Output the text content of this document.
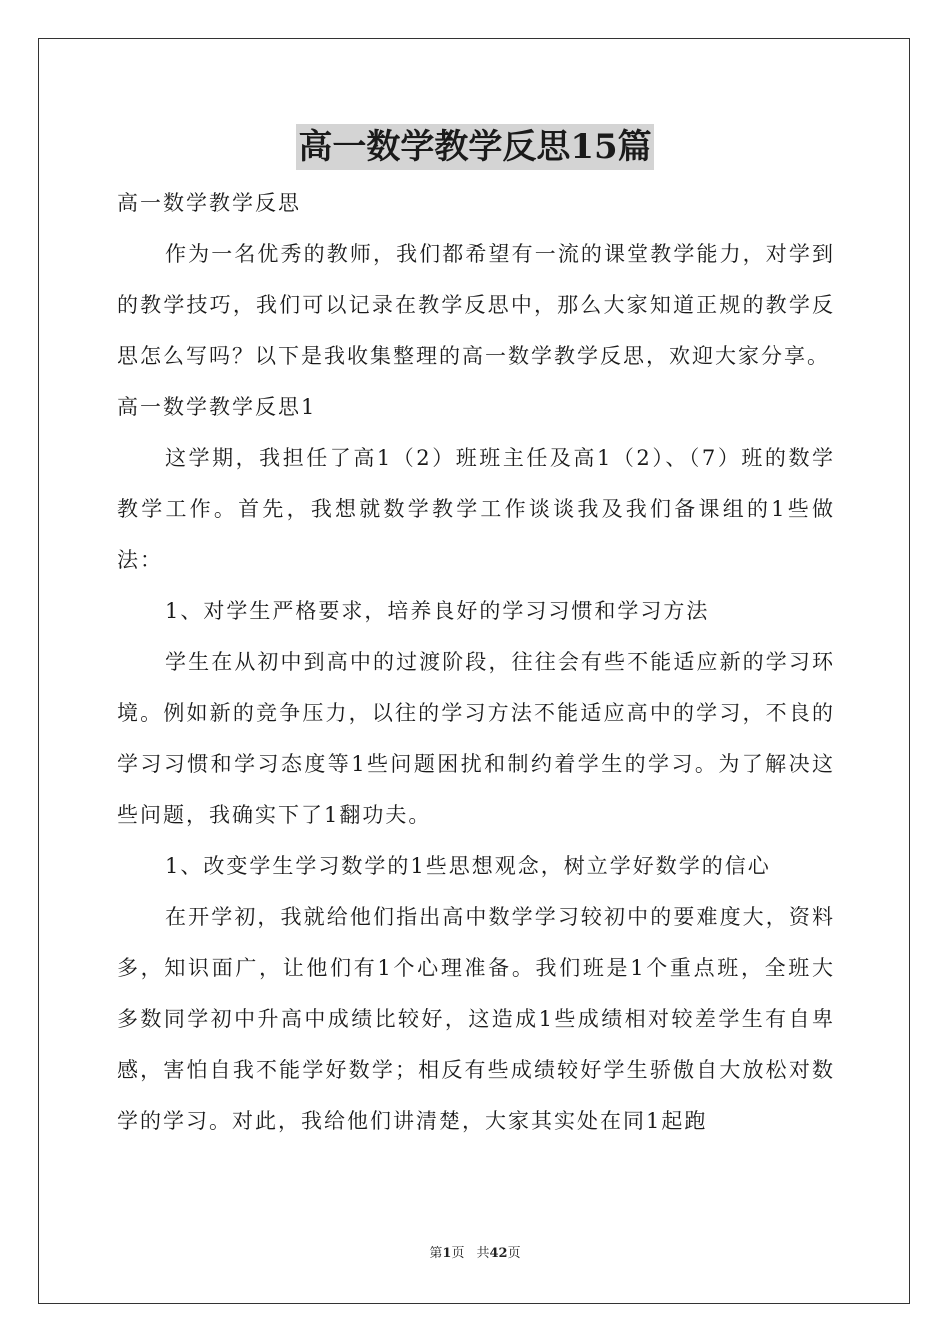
高一数学教学反思15篇

高一数学教学反思

作为一名优秀的教师，我们都希望有一流的课堂教学能力，对学到的教学技巧，我们可以记录在教学反思中，那么大家知道正规的教学反思怎么写吗？以下是我收集整理的高一数学教学反思，欢迎大家分享。

高一数学教学反思1

这学期，我担任了高1（2）班班主任及高1（2）、（7）班的数学教学工作。首先，我想就数学教学工作谈谈我及我们备课组的1些做法：

1、对学生严格要求，培养良好的学习习惯和学习方法

学生在从初中到高中的过渡阶段，往往会有些不能适应新的学习环境。例如新的竞争压力，以往的学习方法不能适应高中的学习，不良的学习习惯和学习态度等1些问题困扰和制约着学生的学习。为了解决这些问题，我确实下了1翻功夫。

1、改变学生学习数学的1些思想观念，树立学好数学的信心

在开学初，我就给他们指出高中数学学习较初中的要难度大，资料多，知识面广，让他们有1个心理准备。我们班是1个重点班，全班大多数同学初中升高中成绩比较好，这造成1些成绩相对较差学生有自卑感，害怕自我不能学好数学；相反有些成绩较好学生骄傲自大放松对数学的学习。对此，我给他们讲清楚，大家其实处在同1起跑

第1页 共42页
